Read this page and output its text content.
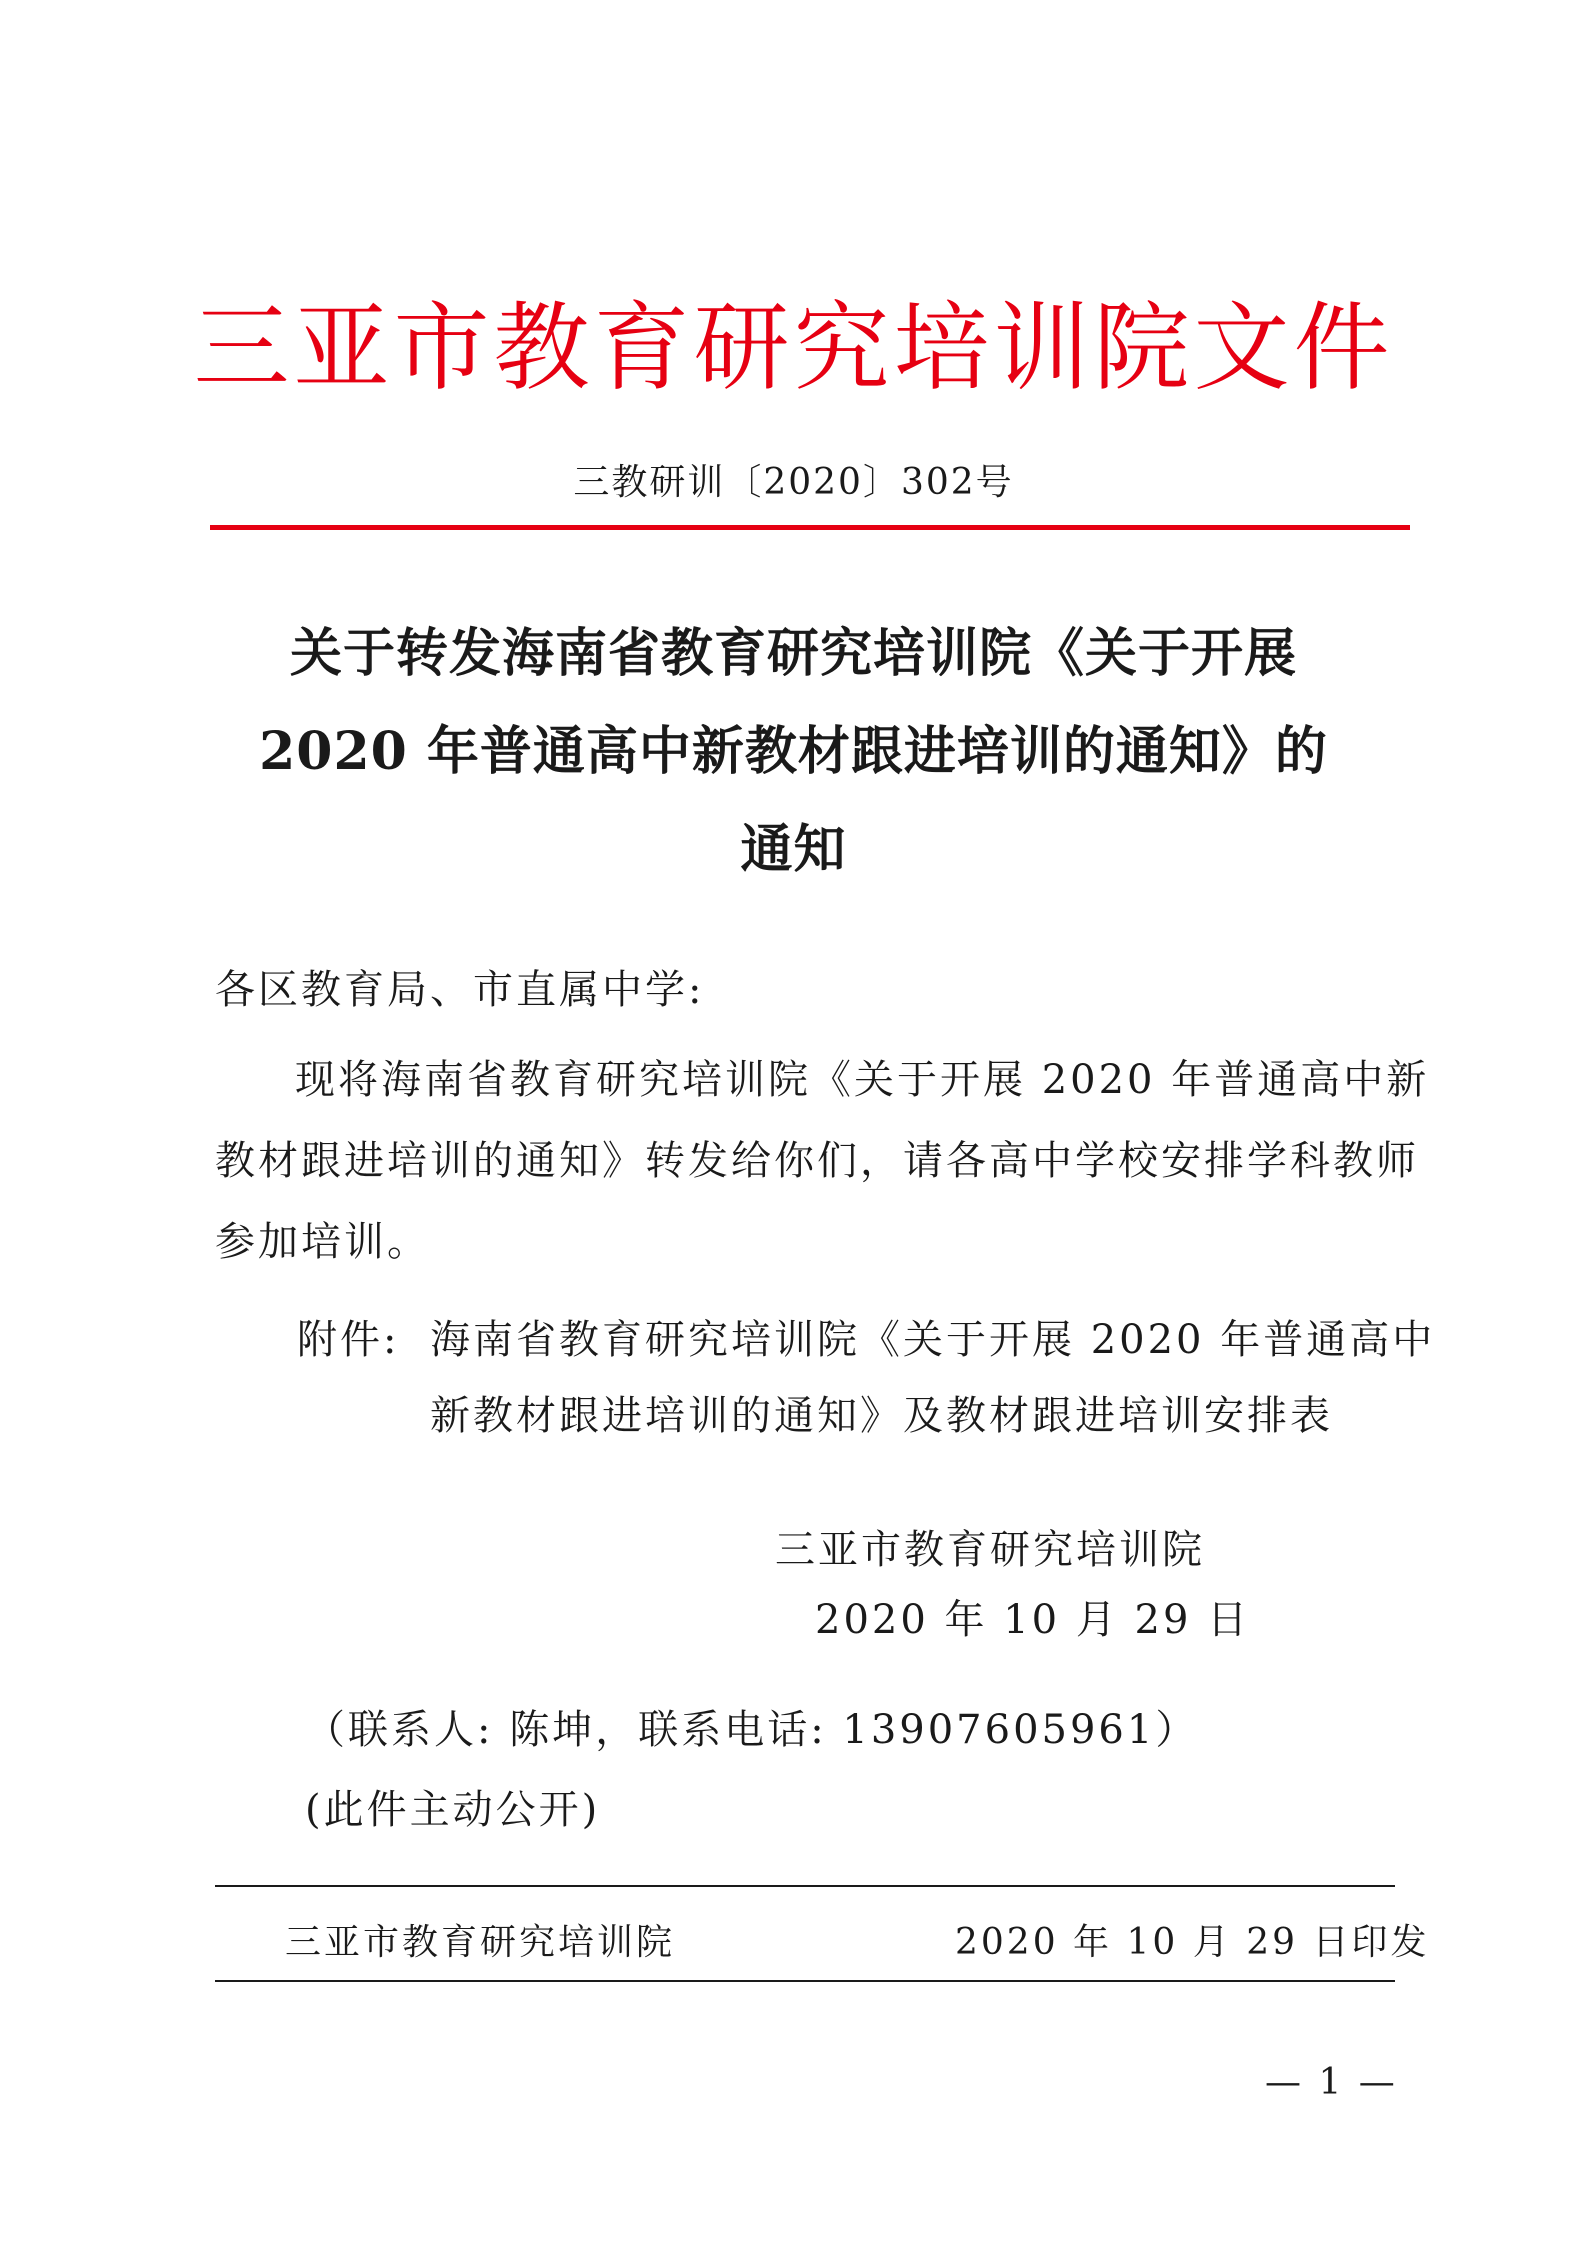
三亚市教育研究培训院文件
三教研训〔2020〕302号
关于转发海南省教育研究培训院《关于开展
2020 年普通高中新教材跟进培训的通知》的
通知
各区教育局、市直属中学:
现将海南省教育研究培训院《关于开展 2020 年普通高中新
教材跟进培训的通知》转发给你们，请各高中学校安排学科教师
参加培训。
附件: 海南省教育研究培训院《关于开展 2020 年普通高中
新教材跟进培训的通知》及教材跟进培训安排表
三亚市教育研究培训院
2020 年 10 月 29 日
（联系人: 陈坤，联系电话: 13907605961）
(此件主动公开)
三亚市教育研究培训院	2020 年 10 月 29 日印发
— 1 —
